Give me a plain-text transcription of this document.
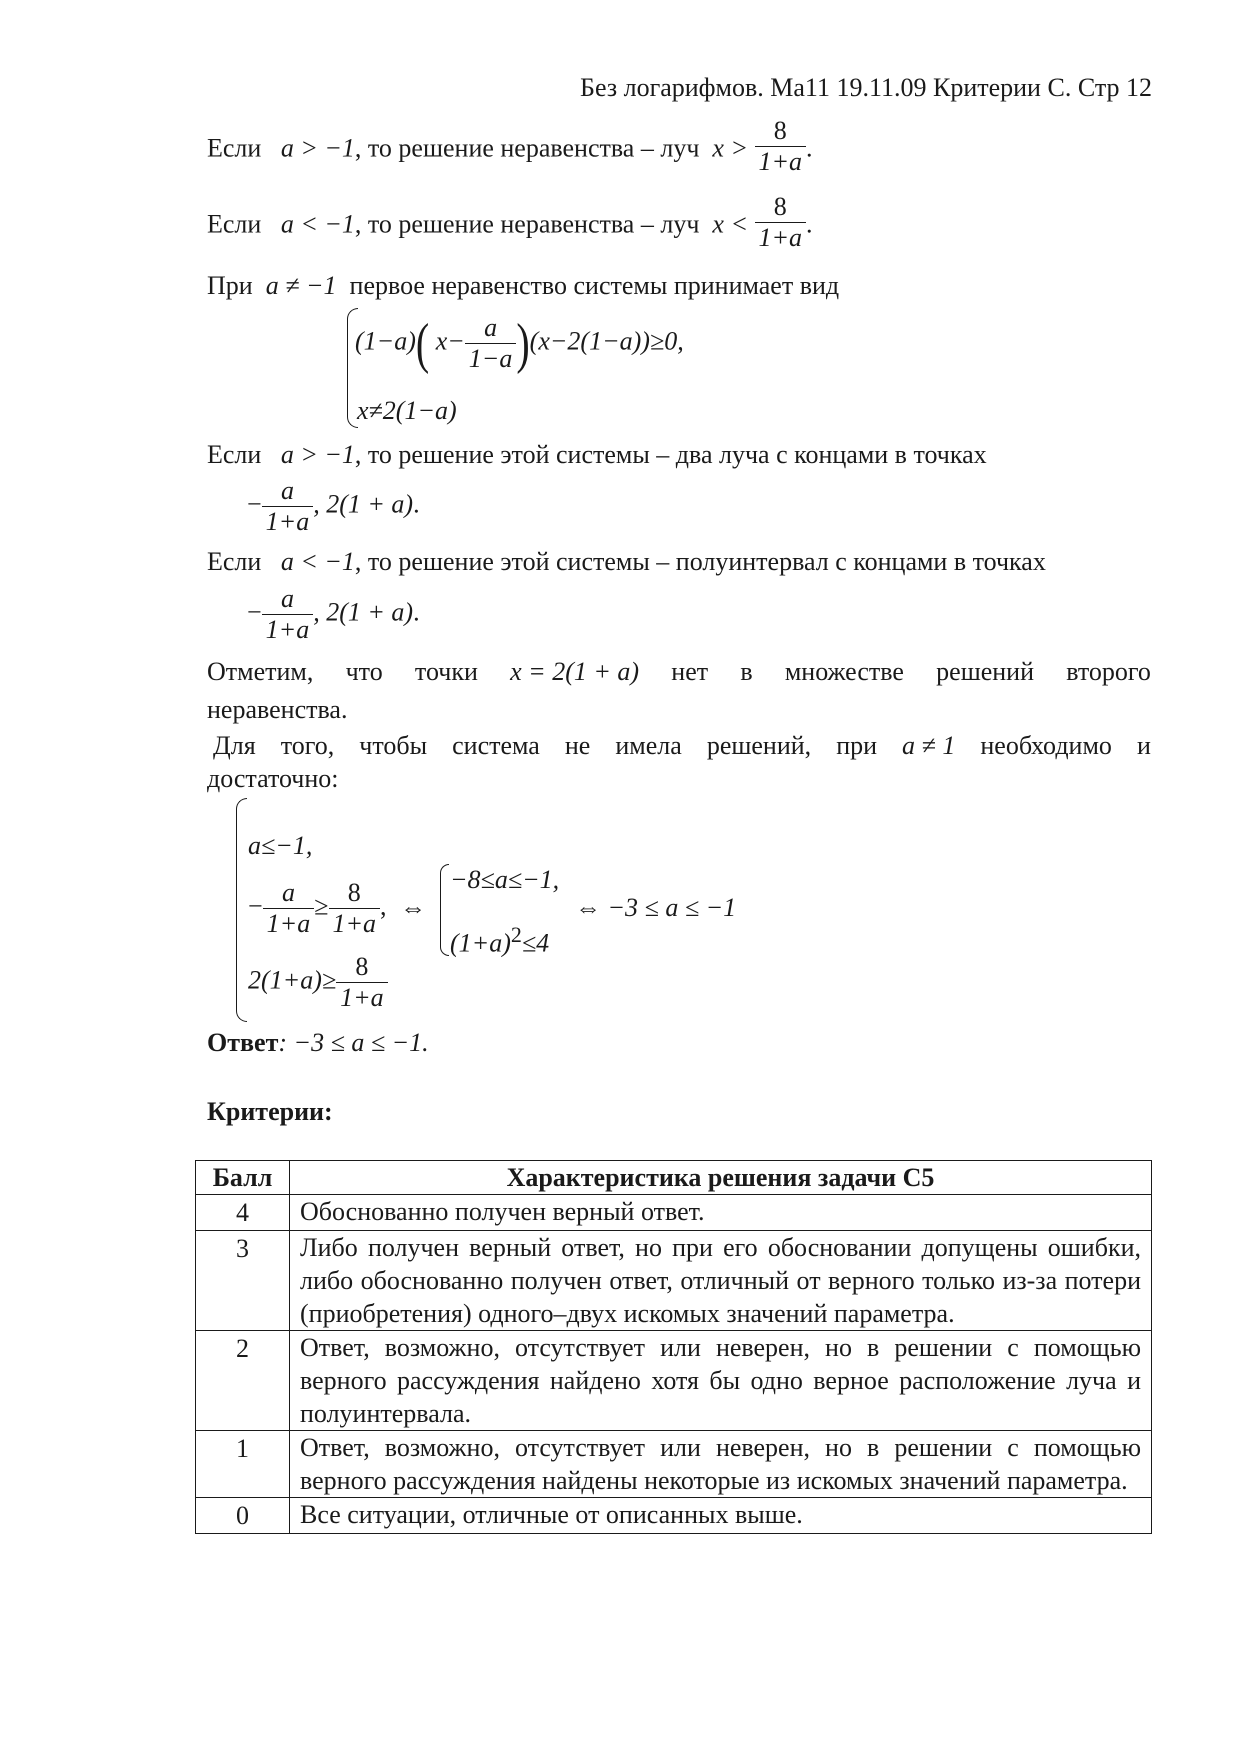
Без логарифмов. Ма11 19.11.09 Критерии С. Стр 12
Если a > −1, то решение неравенства – луч $x > \frac{8}{1+a}$ .
Если a < −1, то решение неравенства – луч $x < \frac{8}{1+a}$ .
При a ≠ −1 первое неравенство системы принимает вид
(1−a)( $x- \frac{a}{1-a} )(x-2(1-a))\ge 0$,
x≠2(1−a)
Если a > −1, то решение этой системы – два луча с концами в точках
− $\frac{a}{1+a}$ , 2(1 + a).
Если a < −1, то решение этой системы – полуинтервал с концами в точках
− $\frac{a}{1+a}$ , 2(1 + a).
Отметим, что точки x = 2(1 + a) нет в множестве решений второго
неравенства.
Для того, чтобы система не имела решений, при a ≠ 1 необходимо и
достаточно:
a≤−1,
− $\frac{a}{1+a} \ge \frac{8}{1+a}$ ,
$2(1+a)\ge \frac{8}{1+a}$
⇔
−8≤a≤−1,
$(1+a)^2\le 4$
⇔ −3 ≤ a ≤ −1
Ответ: −3 ≤ a ≤ −1.
Критерии:
Балл	Характеристика решения задачи С5
4	Обоснованно получен верный ответ.
3	Либо получен верный ответ, но при его обосновании допущены ошибки, либо обоснованно получен ответ, отличный от верного только из-за потери (приобретения) одного–двух искомых значений параметра.
2	Ответ, возможно, отсутствует или неверен, но в решении с помощью верного рассуждения найдено хотя бы одно верное расположение луча и полуинтервала.
1	Ответ, возможно, отсутствует или неверен, но в решении с помощью верного рассуждения найдены некоторые из искомых значений параметра.
0	Все ситуации, отличные от описанных выше.
